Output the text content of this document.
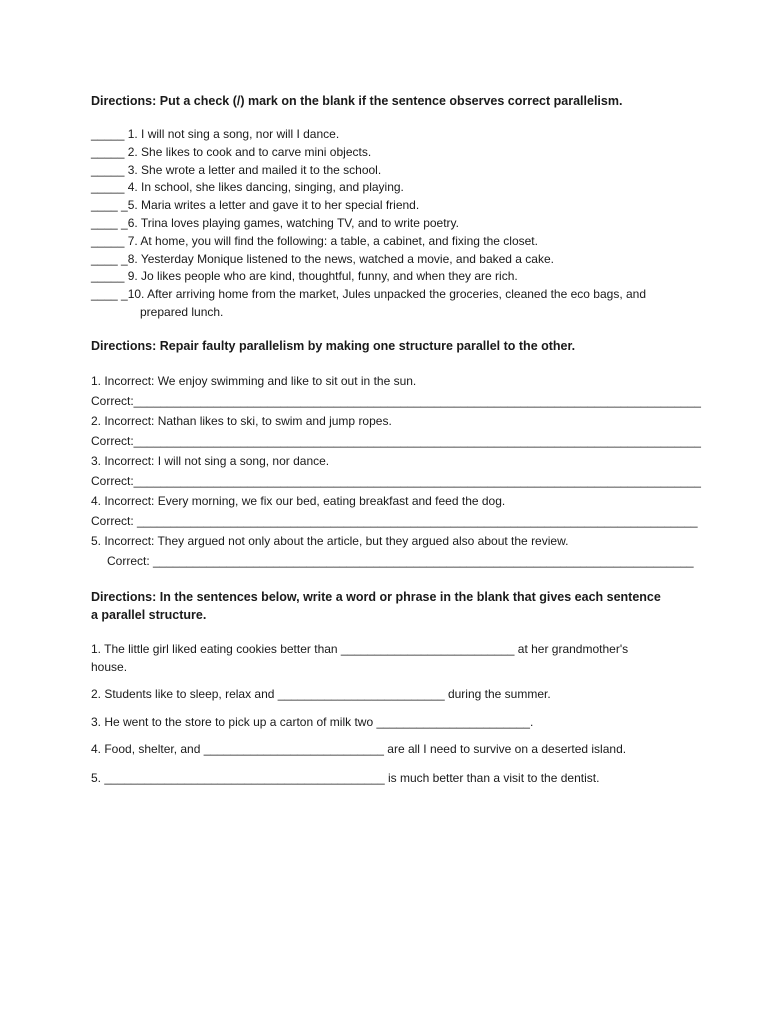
Directions: Put a check (/) mark on the blank if the sentence observes correct parallelism.
_____ 1. I will not sing a song, nor will I dance.
_____ 2. She likes to cook and to carve mini objects.
_____ 3. She wrote a letter and mailed it to the school.
_____ 4. In school, she likes dancing, singing, and playing.
____ _5. Maria writes a letter and gave it to her special friend.
____ _6. Trina loves playing games, watching TV, and to write poetry.
_____ 7. At home, you will find the following: a table, a cabinet, and fixing the closet.
____ _8. Yesterday Monique listened to the news, watched a movie, and baked a cake.
_____ 9. Jo likes people who are kind, thoughtful, funny, and when they are rich.
____ _10. After arriving home from the market, Jules unpacked the groceries, cleaned the eco bags, and
prepared lunch.
Directions: Repair faulty parallelism by making one structure parallel to the other.
1. Incorrect: We enjoy swimming and like to sit out in the sun.
Correct:_____________________________________________________________________________________
2. Incorrect: Nathan likes to ski, to swim and jump ropes.
Correct:_____________________________________________________________________________________
3. Incorrect: I will not sing a song, nor dance.
Correct:_____________________________________________________________________________________
4. Incorrect: Every morning, we fix our bed, eating breakfast and feed the dog.
Correct: ____________________________________________________________________________________
5. Incorrect: They argued not only about the article, but they argued also about the review.
Correct: _________________________________________________________________________________
Directions: In the sentences below, write a word or phrase in the blank that gives each sentence a parallel structure.
1. The little girl liked eating cookies better than __________________________ at her grandmother's house.
2. Students like to sleep, relax and _________________________ during the summer.
3. He went to the store to pick up a carton of milk two _______________________.
4. Food, shelter, and ___________________________ are all I need to survive on a deserted island.
5. __________________________________________ is much better than a visit to the dentist.
